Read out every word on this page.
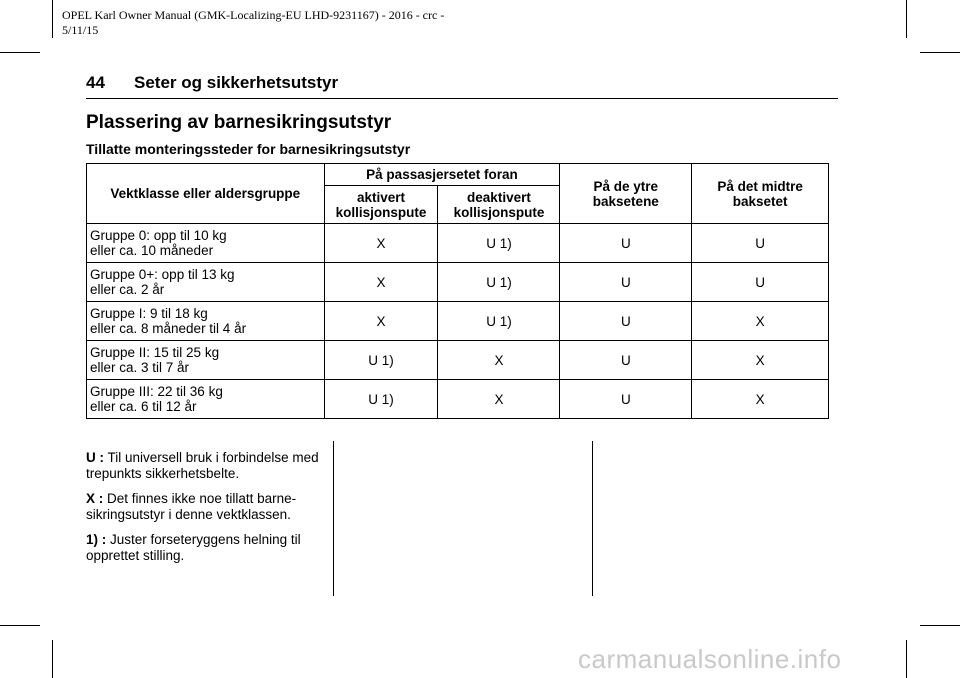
OPEL Karl Owner Manual (GMK-Localizing-EU LHD-9231167) - 2016 - crc -
5/11/15
44 Seter og sikkerhetsutstyr
Plassering av barnesikringsutstyr
Tillatte monteringssteder for barnesikringsutstyr
Vektklasse eller aldersgruppe	På passasjersetet foran		På de ytre baksetene	På det midtre baksetet
	aktivert kollisjonspute	deaktivert kollisjonspute		

Gruppe 0: opp til 10 kg
eller ca. 10 måneder	X	U 1)	U	U

Gruppe 0+: opp til 13 kg
eller ca. 2 år	X	U 1)	U	U

Gruppe I: 9 til 18 kg
eller ca. 8 måneder til 4 år	X	U 1)	U	X

Gruppe II: 15 til 25 kg
eller ca. 3 til 7 år	U 1)	X	U	X

Gruppe III: 22 til 36 kg
eller ca. 6 til 12 år	U 1)	X	U	X

U : Til universell bruk i forbindelse med trepunkts sikkerhetsbelte.

X : Det finnes ikke noe tillatt barne-sikringsutstyr i denne vektklassen.

1) : Juster forseteryggens helning til opprettet stilling.

carmanualsonline.info
